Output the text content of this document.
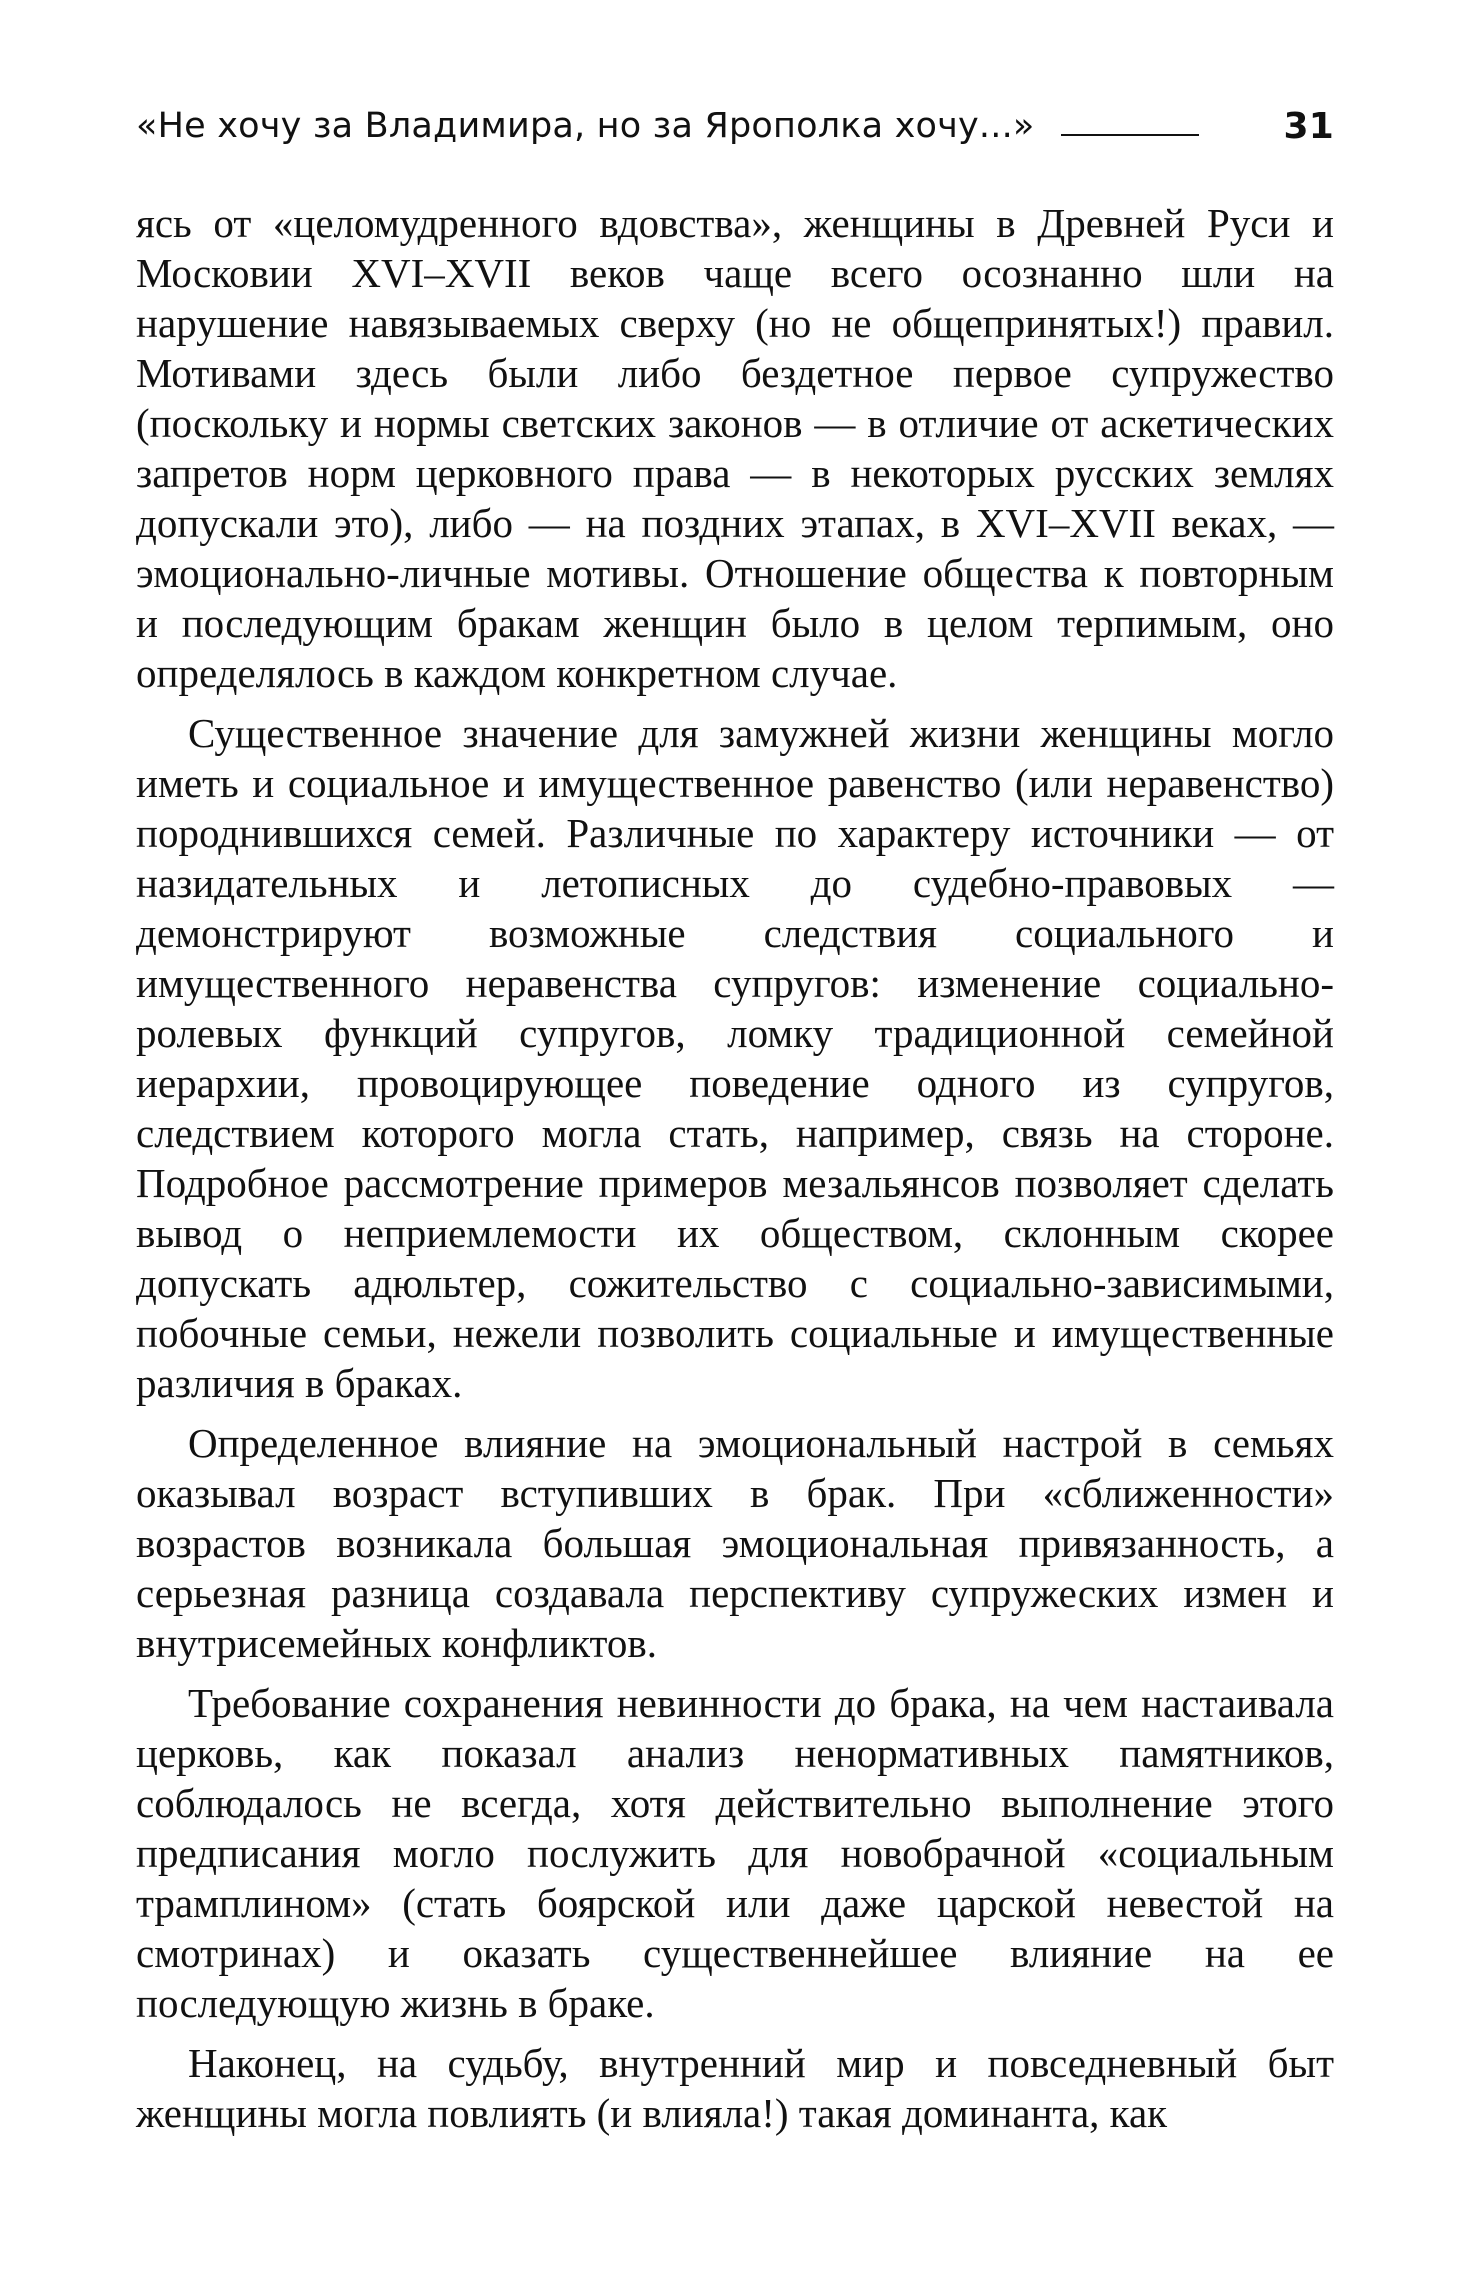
«Не хочу за Владимира, но за Ярополка хочу...»	31

ясь от «целомудренного вдовства», женщины в Древней Руси и Московии XVI–XVII веков чаще всего осознанно шли на нарушение навязываемых сверху (но не общепринятых!) правил. Мотивами здесь были либо бездетное первое супружество (поскольку и нормы светских законов — в отличие от аскетических запретов норм церковного права — в некоторых русских землях допускали это), либо — на поздних этапах, в XVI–XVII веках, — эмоционально-личные мотивы. Отношение общества к повторным и последующим бракам женщин было в целом терпимым, оно определялось в каждом конкретном случае.

Существенное значение для замужней жизни женщины могло иметь и социальное и имущественное равенство (или неравенство) породнившихся семей. Различные по характеру источники — от назидательных и летописных до судебно-правовых — демонстрируют возможные следствия социального и имущественного неравенства супругов: изменение социально-ролевых функций супругов, ломку традиционной семейной иерархии, провоцирующее поведение одного из супругов, следствием которого могла стать, например, связь на стороне. Подробное рассмотрение примеров мезальянсов позволяет сделать вывод о неприемлемости их обществом, склонным скорее допускать адюльтер, сожительство с социально-зависимыми, побочные семьи, нежели позволить социальные и имущественные различия в браках.

Определенное влияние на эмоциональный настрой в семьях оказывал возраст вступивших в брак. При «сближенности» возрастов возникала большая эмоциональная привязанность, а серьезная разница создавала перспективу супружеских измен и внутрисемейных конфликтов.

Требование сохранения невинности до брака, на чем настаивала церковь, как показал анализ ненормативных памятников, соблюдалось не всегда, хотя действительно выполнение этого предписания могло послужить для новобрачной «социальным трамплином» (стать боярской или даже царской невестой на смотринах) и оказать существеннейшее влияние на ее последующую жизнь в браке.

Наконец, на судьбу, внутренний мир и повседневный быт женщины могла повлиять (и влияла!) такая доминанта, как
